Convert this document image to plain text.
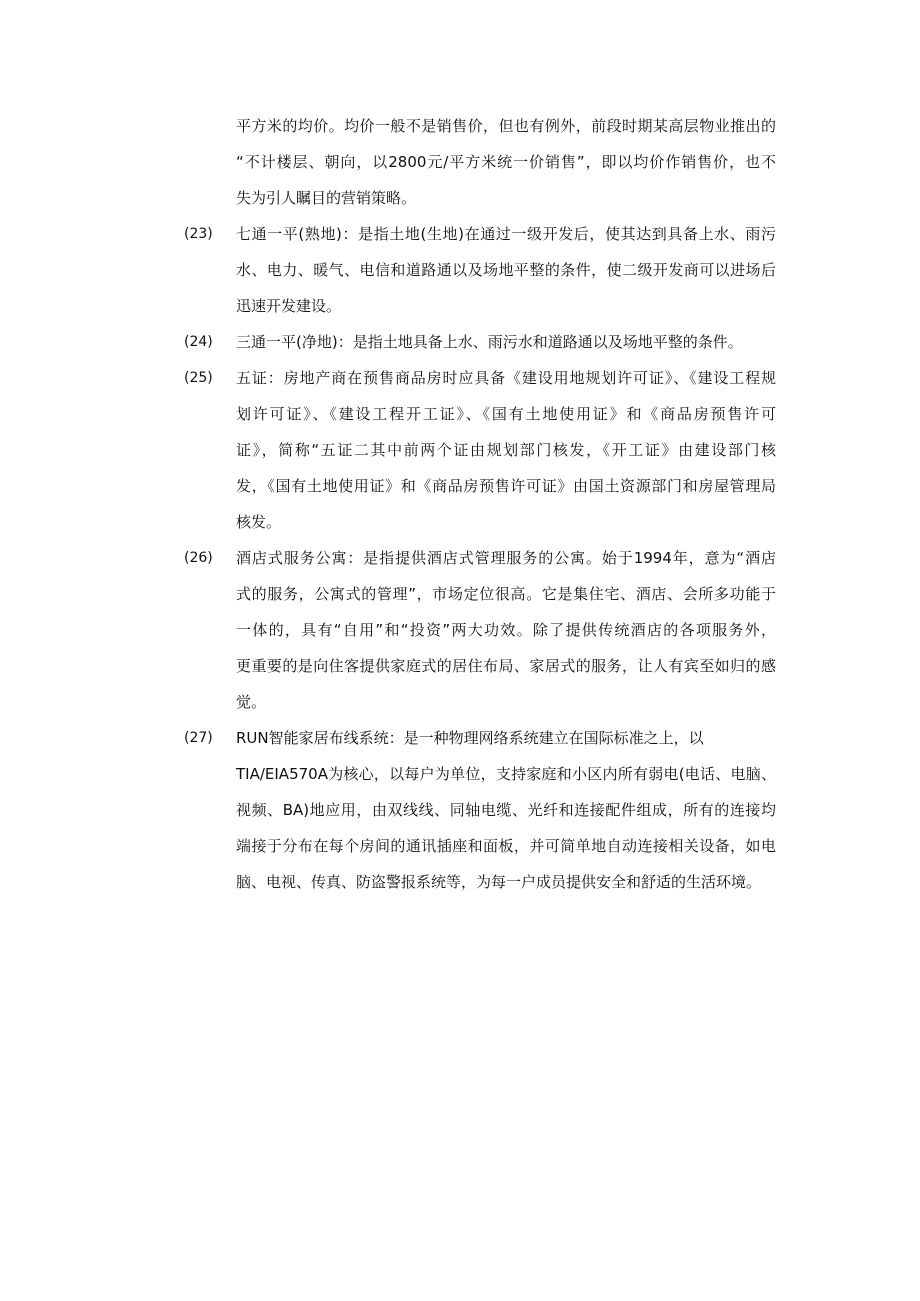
平方米的均价。均价一般不是销售价，但也有例外，前段时期某高层物业推出的
“不计楼层、朝向，以2800元/平方米统一价销售”，即以均价作销售价，也不
失为引人瞩目的营销策略。
(23)	七通一平(熟地)：是指土地(生地)在通过一级开发后，使其达到具备上水、雨污
水、电力、暖气、电信和道路通以及场地平整的条件，使二级开发商可以进场后
迅速开发建设。
(24)	三通一平(净地)：是指土地具备上水、雨污水和道路通以及场地平整的条件。
(25)	五证：房地产商在预售商品房时应具备《建设用地规划许可证》、《建设工程规
划许可证》、《建设工程开工证》、《国有土地使用证》和《商品房预售许可
证》，简称“五证二其中前两个证由规划部门核发，《开工证》由建设部门核
发，《国有土地使用证》和《商品房预售许可证》由国土资源部门和房屋管理局
核发。
(26)	酒店式服务公寓：是指提供酒店式管理服务的公寓。始于1994年，意为“酒店
式的服务，公寓式的管理”，市场定位很高。它是集住宅、酒店、会所多功能于
一体的，具有“自用”和“投资”两大功效。除了提供传统酒店的各项服务外，
更重要的是向住客提供家庭式的居住布局、家居式的服务，让人有宾至如归的感
觉。
(27)	RUN智能家居布线系统：是一种物理网络系统建立在国际标准之上，以
TIA/EIA570A为核心，以每户为单位，支持家庭和小区内所有弱电(电话、电脑、
视频、BA)地应用，由双线线、同轴电缆、光纤和连接配件组成，所有的连接均
端接于分布在每个房间的通讯插座和面板，并可简单地自动连接相关设备，如电
脑、电视、传真、防盗警报系统等，为每一户成员提供安全和舒适的生活环境。
